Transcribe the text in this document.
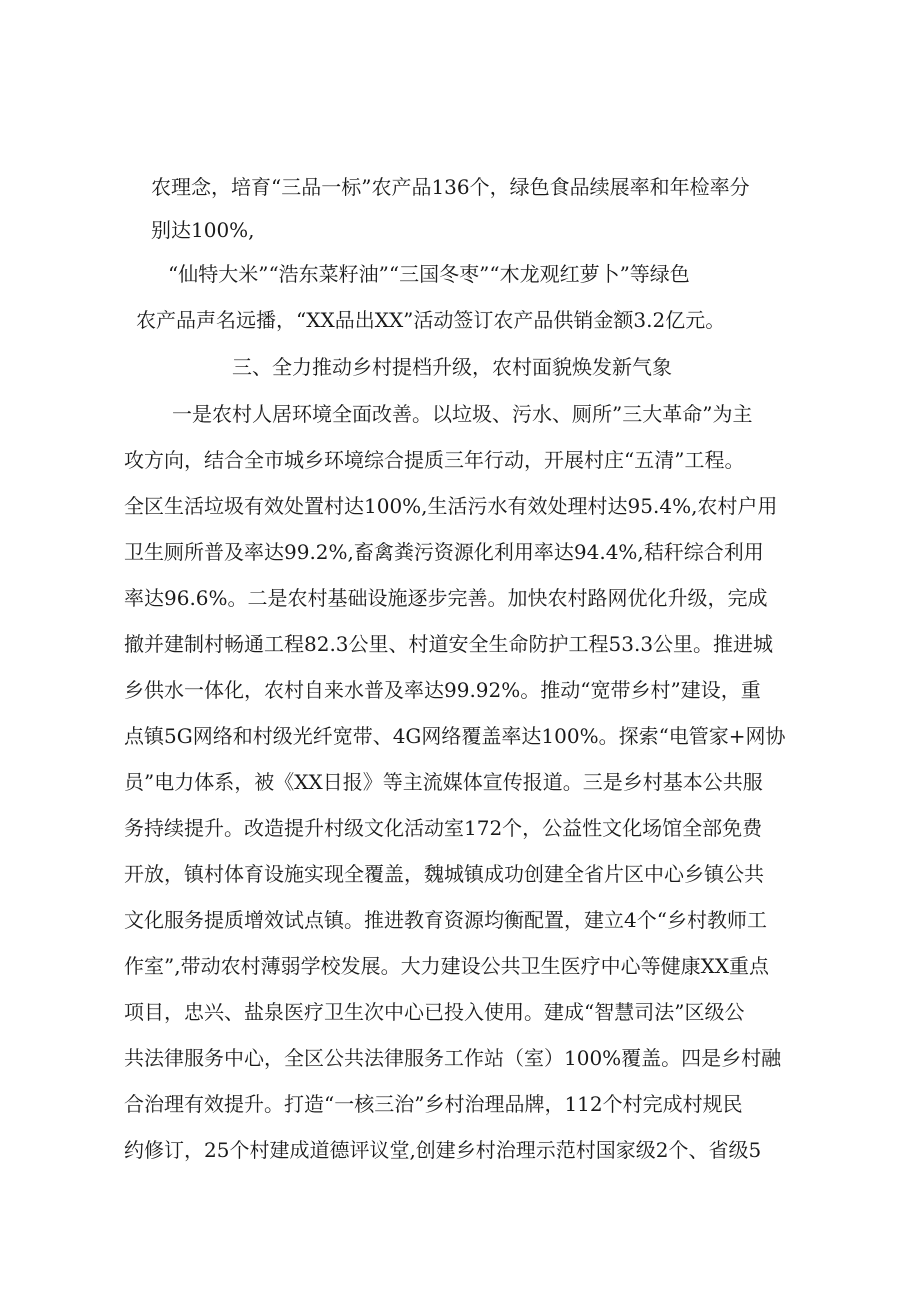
农理念，培育“三品一标”农产品136个，绿色食品续展率和年检率分
别达100%,
“仙特大米”“浩东菜籽油”“三国冬枣”“木龙观红萝卜”等绿色
农产品声名远播，“XX品出XX”活动签订农产品供销金额3.2亿元。
三、全力推动乡村提档升级，农村面貌焕发新气象
一是农村人居环境全面改善。以垃圾、污水、厕所”三大革命”为主
攻方向，结合全市城乡环境综合提质三年行动，开展村庄“五清”工程。
全区生活垃圾有效处置村达100%,生活污水有效处理村达95.4%,农村户用
卫生厕所普及率达99.2%,畜禽粪污资源化利用率达94.4%,秸秆综合利用
率达96.6%。二是农村基础设施逐步完善。加快农村路网优化升级，完成
撤并建制村畅通工程82.3公里、村道安全生命防护工程53.3公里。推进城
乡供水一体化，农村自来水普及率达99.92%。推动“宽带乡村”建设，重
点镇5G网络和村级光纤宽带、4G网络覆盖率达100%。探索“电管家+网协
员”电力体系，被《XX日报》等主流媒体宣传报道。三是乡村基本公共服
务持续提升。改造提升村级文化活动室172个，公益性文化场馆全部免费
开放，镇村体育设施实现全覆盖，魏城镇成功创建全省片区中心乡镇公共
文化服务提质增效试点镇。推进教育资源均衡配置，建立4个“乡村教师工
作室”,带动农村薄弱学校发展。大力建设公共卫生医疗中心等健康XX重点
项目，忠兴、盐泉医疗卫生次中心已投入使用。建成“智慧司法”区级公
共法律服务中心，全区公共法律服务工作站（室）100%覆盖。四是乡村融
合治理有效提升。打造“一核三治”乡村治理品牌，112个村完成村规民
约修订，25个村建成道德评议堂,创建乡村治理示范村国家级2个、省级5
